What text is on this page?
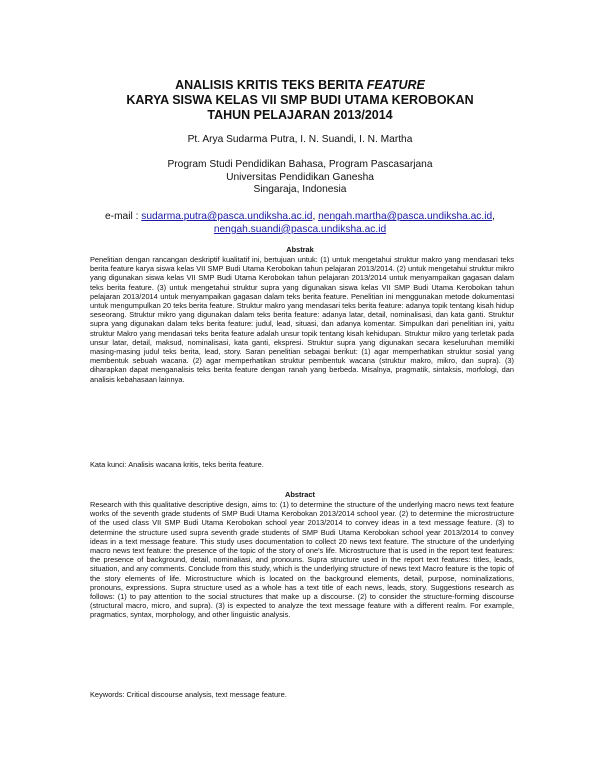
ANALISIS KRITIS TEKS BERITA FEATURE
KARYA SISWA KELAS VII SMP BUDI UTAMA KEROBOKAN
TAHUN PELAJARAN 2013/2014
Pt. Arya Sudarma Putra, I. N. Suandi, I. N. Martha
Program Studi Pendidikan Bahasa, Program Pascasarjana
Universitas Pendidikan Ganesha
Singaraja, Indonesia
e-mail : sudarma.putra@pasca.undiksha.ac.id, nengah.martha@pasca.undiksha.ac.id,
nengah.suandi@pasca.undiksha.ac.id
Abstrak
Penelitian dengan rancangan deskriptif kualitatif ini, bertujuan untuk: (1) untuk mengetahui struktur makro yang mendasari teks berita feature karya siswa kelas VII SMP Budi Utama Kerobokan tahun pelajaran 2013/2014. (2) untuk mengetahui struktur mikro yang digunakan siswa kelas VII SMP Budi Utama Kerobokan tahun pelajaran 2013/2014 untuk menyampaikan gagasan dalam teks berita feature. (3) untuk mengetahui struktur supra yang digunakan siswa kelas VII SMP Budi Utama Kerobokan tahun pelajaran 2013/2014 untuk menyampaikan gagasan dalam teks berita feature. Penelitian ini menggunakan metode dokumentasi untuk mengumpulkan 20 teks berita feature. Struktur makro yang mendasari teks berita feature: adanya topik tentang kisah hidup seseorang. Struktur mikro yang digunakan dalam teks berita feature: adanya latar, detail, nominalisasi, dan kata ganti. Struktur supra yang digunakan dalam teks berita feature: judul, lead, situasi, dan adanya komentar. Simpulkan dari penelitian ini, yaitu struktur Makro yang mendasari teks berita feature adalah unsur topik tentang kisah kehidupan. Struktur mikro yang terletak pada unsur latar, detail, maksud, nominalisasi, kata ganti, ekspresi. Struktur supra yang digunakan secara keseluruhan memiliki masing-masing judul teks berita, lead, story. Saran penelitian sebagai berikut: (1) agar memperhatikan struktur sosial yang membentuk sebuah wacana. (2) agar memperhatikan struktur pembentuk wacana (struktur makro, mikro, dan supra). (3) diharapkan dapat menganalisis teks berita feature dengan ranah yang berbeda. Misalnya, pragmatik, sintaksis, morfologi, dan analisis kebahasaan lainnya.
Kata kunci: Analisis wacana kritis, teks berita feature.
Abstract
Research with this qualitative descriptive design, aims to: (1) to determine the structure of the underlying macro news text feature works of the seventh grade students of SMP Budi Utama Kerobokan 2013/2014 school year. (2) to determine the microstructure of the used class VII SMP Budi Utama Kerobokan school year 2013/2014 to convey ideas in a text message feature. (3) to determine the structure used supra seventh grade students of SMP Budi Utama Kerobokan school year 2013/2014 to convey ideas in a text message feature. This study uses documentation to collect 20 news text feature. The structure of the underlying macro news text feature: the presence of the topic of the story of one's life. Microstructure that is used in the report text features: the presence of background, detail, nominaliasi, and pronouns. Supra structure used in the report text features: titles, leads, situation, and any comments. Conclude from this study, which is the underlying structure of news text Macro feature is the topic of the story elements of life. Microstructure which is located on the background elements, detail, purpose, nominalizations, pronouns, expressions. Supra structure used as a whole has a text title of each news, leads, story. Suggestions research as follows: (1) to pay attention to the social structures that make up a discourse. (2) to consider the structure-forming discourse (structural macro, micro, and supra). (3) is expected to analyze the text message feature with a different realm. For example, pragmatics, syntax, morphology, and other linguistic analysis.
Keywords: Critical discourse analysis, text message feature.
